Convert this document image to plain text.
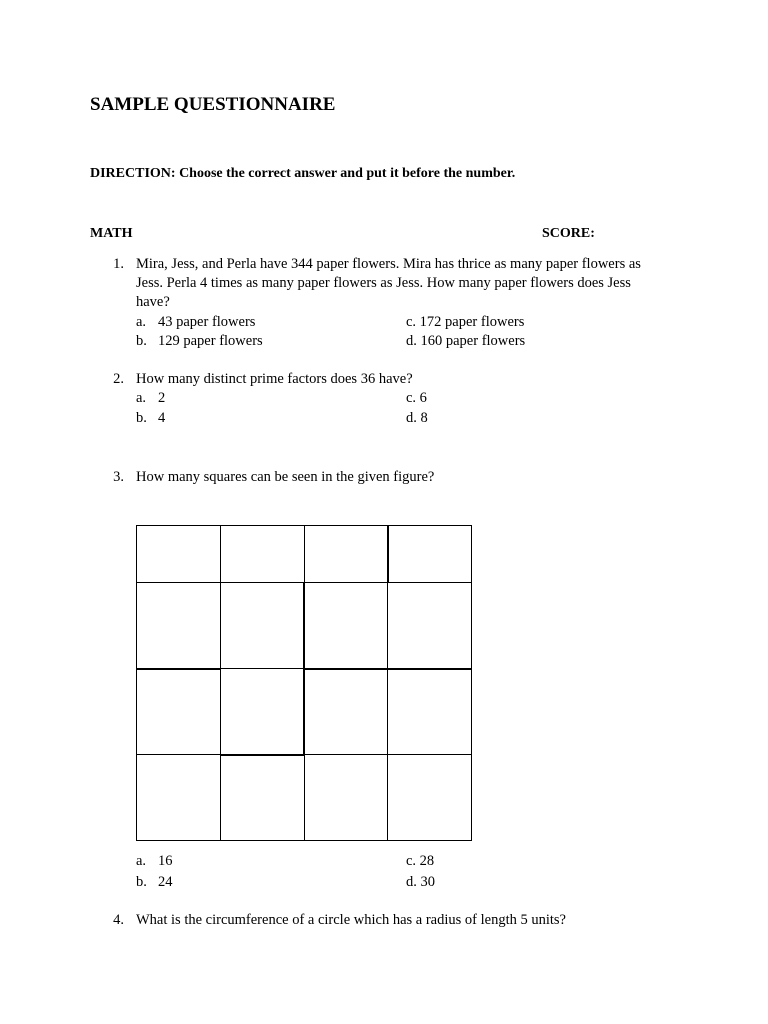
SAMPLE QUESTIONNAIRE
DIRECTION: Choose the correct answer and put it before the number.
MATH	SCORE:
1. Mira, Jess, and Perla have 344 paper flowers. Mira has thrice as many paper flowers as
Jess. Perla 4 times as many paper flowers as Jess. How many paper flowers does Jess
have?
a. 43 paper flowers
b. 129 paper flowers
c. 172 paper flowers
d. 160 paper flowers
2. How many distinct prime factors does 36 have?
a. 2
b. 4
c. 6
d. 8
3. How many squares can be seen in the given figure?

a. 16
b. 24
c. 28
d. 30
4. What is the circumference of a circle which has a radius of length 5 units?
